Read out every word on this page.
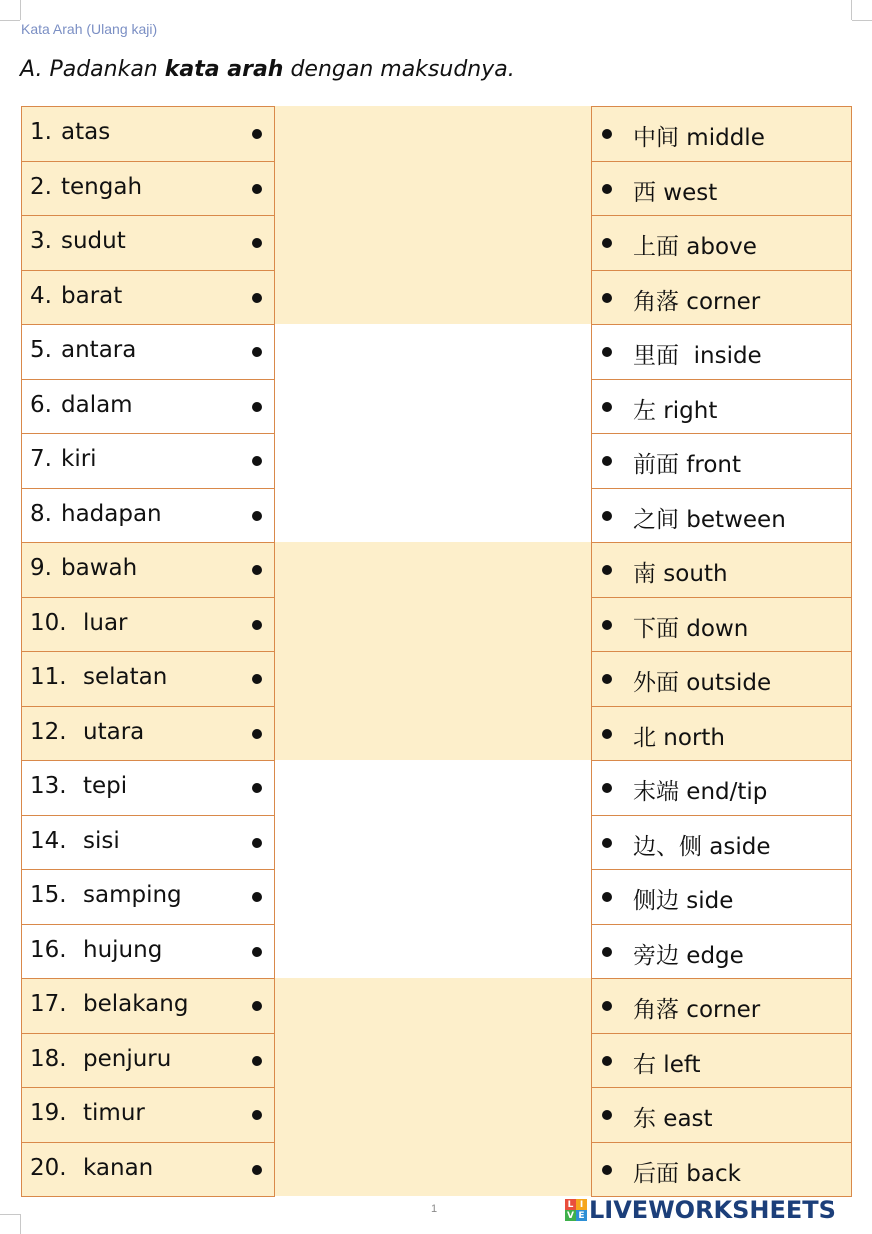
Kata Arah (Ulang kaji)
A. Padankan kata arah dengan maksudnya.
1. atas
2. tengah
3. sudut
4. barat
5. antara
6. dalam
7. kiri
8. hadapan
9. bawah
10. luar
11. selatan
12. utara
13. tepi
14. sisi
15. samping
16. hujung
17. belakang
18. penjuru
19. timur
20. kanan
中间 middle
西 west
上面 above
角落 corner
里面  inside
左 right
前面 front
之间 between
南 south
下面 down
外面 outside
北 north
末端 end/tip
边、侧 aside
侧边 side
旁边 edge
角落 corner
右 left
东 east
后面 back
1	L I
V E LIVEWORKSHEETS
